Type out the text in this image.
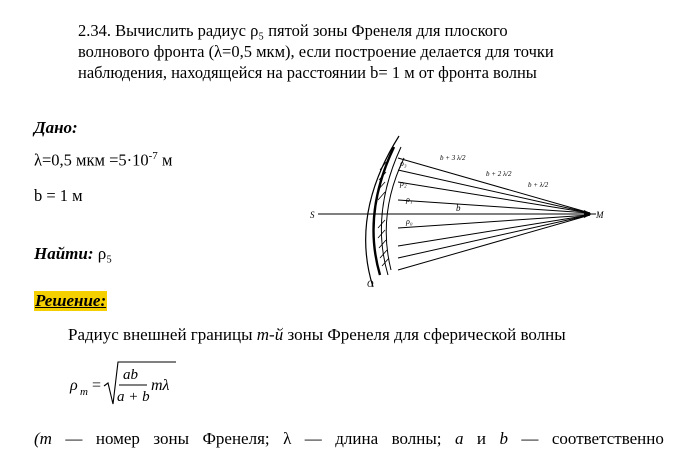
2.34. Вычислить радиус ρ₅ пятой зоны Френеля для плоского
волнового фронта (λ=0,5 мкм), если построение делается для точки
наблюдения, находящейся на расстоянии b= 1 м от фронта волны
Дано:
λ=0,5 мкм $=5\cdot 10^{-7}$ м
b = 1 м
Найти: ρ₅
Решение:
Радиус внешней границы m-й зоны Френеля для сферической волны
ρ m =
ab
a + b
mλ
S	M
b
O
ρ₃
ρ₂
ρ₁
ρ₀
b + 3 λ/2
b + 2 λ/2
b + λ/2
(m — номер зоны Френеля; λ — длина волны; a и b — соответственно
